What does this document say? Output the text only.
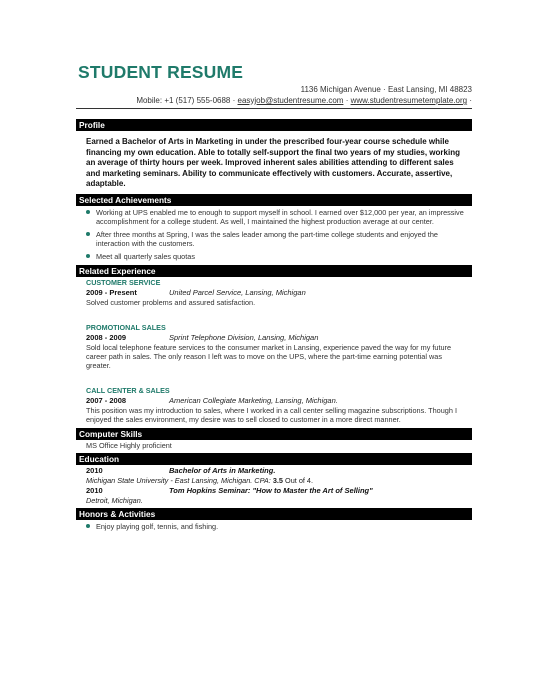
STUDENT RESUME
1136 Michigan Avenue · East Lansing, MI 48823
Mobile: +1 (517) 555-0688 · easyjob@studentresume.com · www.studentresumetemplate.org ·
Profile
Earned a Bachelor of Arts in Marketing in under the prescribed four-year course schedule while financing my own education. Able to totally self-support the final two years of my studies, working an average of thirty hours per week. Improved inherent sales abilities attending to different sales and marketing seminars. Ability to communicate effectively with customers. Accurate, assertive, adaptable.
Selected Achievements
Working at UPS enabled me to enough to support myself in school. I earned over $12,000 per year, an impressive accomplishment for a college student. As well, I maintained the highest production average at our center.
After three months at Spring, I was the sales leader among the part-time college students and enjoyed the interaction with the customers.
Meet all quarterly sales quotas
Related Experience
CUSTOMER SERVICE
2009 - Present	United Parcel Service, Lansing, Michigan
Solved customer problems and assured satisfaction.
PROMOTIONAL SALES
2008 - 2009	Sprint Telephone Division, Lansing, Michigan
Sold local telephone feature services to the consumer market in Lansing, experience paved the way for my future career path in sales. The only reason I left was to move on the UPS, where the part-time earning potential was greater.
CALL CENTER & SALES
2007 - 2008	American Collegiate Marketing, Lansing, Michigan.
This position was my introduction to sales, where I worked in a call center selling magazine subscriptions. Though I enjoyed the sales environment, my desire was to sell closed to customer in a more direct manner.
Computer Skills
MS Office Highly proficient
Education
2010	Bachelor of Arts in Marketing.
Michigan State University - East Lansing, Michigan. CPA: 3.5 Out of 4.
2010	Tom Hopkins Seminar: "How to Master the Art of Selling"
Detroit, Michigan.
Honors & Activities
Enjoy playing golf, tennis, and fishing.
